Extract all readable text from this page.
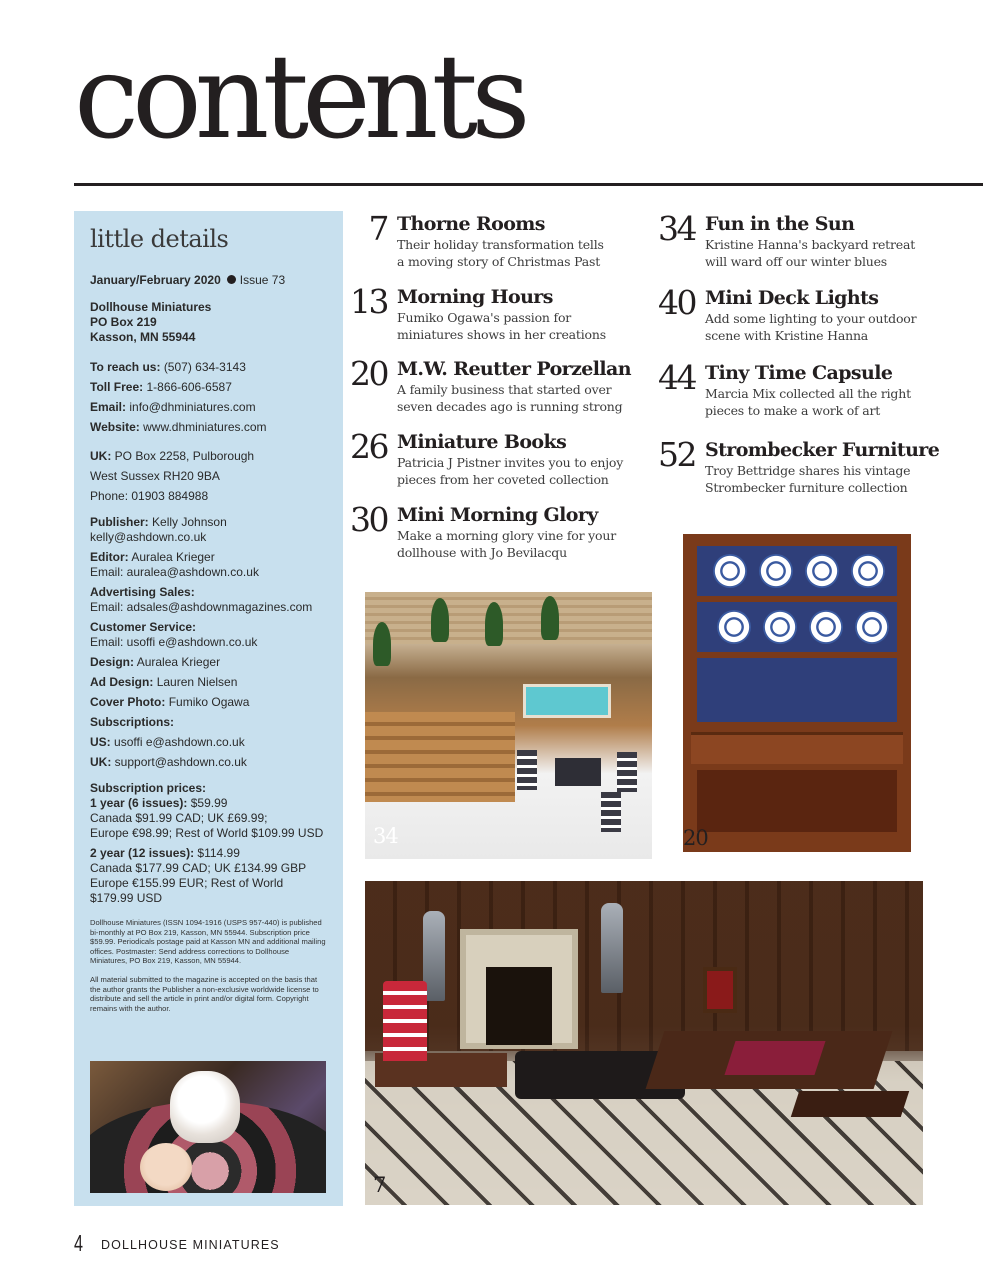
contents
little details
January/February 2020 Issue 73
Dollhouse Miniatures
PO Box 219
Kasson, MN 55944
To reach us: (507) 634-3143
Toll Free: 1-866-606-6587
Email: info@dhminiatures.com
Website: www.dhminiatures.com
UK: PO Box 2258, Pulborough
West Sussex RH20 9BA
Phone: 01903 884988
Publisher: Kelly Johnson
kelly@ashdown.co.uk
Editor: Auralea Krieger
Email: auralea@ashdown.co.uk
Advertising Sales:
Email: adsales@ashdownmagazines.com
Customer Service:
Email: usoffi e@ashdown.co.uk
Design: Auralea Krieger
Ad Design: Lauren Nielsen
Cover Photo: Fumiko Ogawa
Subscriptions:
US: usoffi e@ashdown.co.uk
UK: support@ashdown.co.uk
Subscription prices:
1 year (6 issues): $59.99
Canada $91.99 CAD; UK £69.99;
Europe €98.99; Rest of World $109.99 USD
2 year (12 issues): $114.99
Canada $177.99 CAD; UK £134.99 GBP
Europe €155.99 EUR; Rest of World
$179.99 USD
Dollhouse Miniatures (ISSN 1094-1916 (USPS 957-440) is published bi-monthly at PO Box 219, Kasson, MN 55944. Subscription price $59.99. Periodicals postage paid at Kasson MN and additional mailing offices. Postmaster: Send address corrections to Dollhouse Miniatures, PO Box 219, Kasson, MN 55944.
All material submitted to the magazine is accepted on the basis that the author grants the Publisher a non-exclusive worldwide license to distribute and sell the article in print and/or digital form. Copyright remains with the author.
7 Thorne Rooms
Their holiday transformation tells
a moving story of Christmas Past
13 Morning Hours
Fumiko Ogawa's passion for
miniatures shows in her creations
20 M.W. Reutter Porzellan
A family business that started over
seven decades ago is running strong
26 Miniature Books
Patricia J Pistner invites you to enjoy
pieces from her coveted collection
30 Mini Morning Glory
Make a morning glory vine for your
dollhouse with Jo Bevilacqu
34 Fun in the Sun
Kristine Hanna's backyard retreat
will ward off our winter blues
40 Mini Deck Lights
Add some lighting to your outdoor
scene with Kristine Hanna
44 Tiny Time Capsule
Marcia Mix collected all the right
pieces to make a work of art
52 Strombecker Furniture
Troy Bettridge shares his vintage
Strombecker furniture collection
34	20
7
4 DOLLHOUSE MINIATURES
